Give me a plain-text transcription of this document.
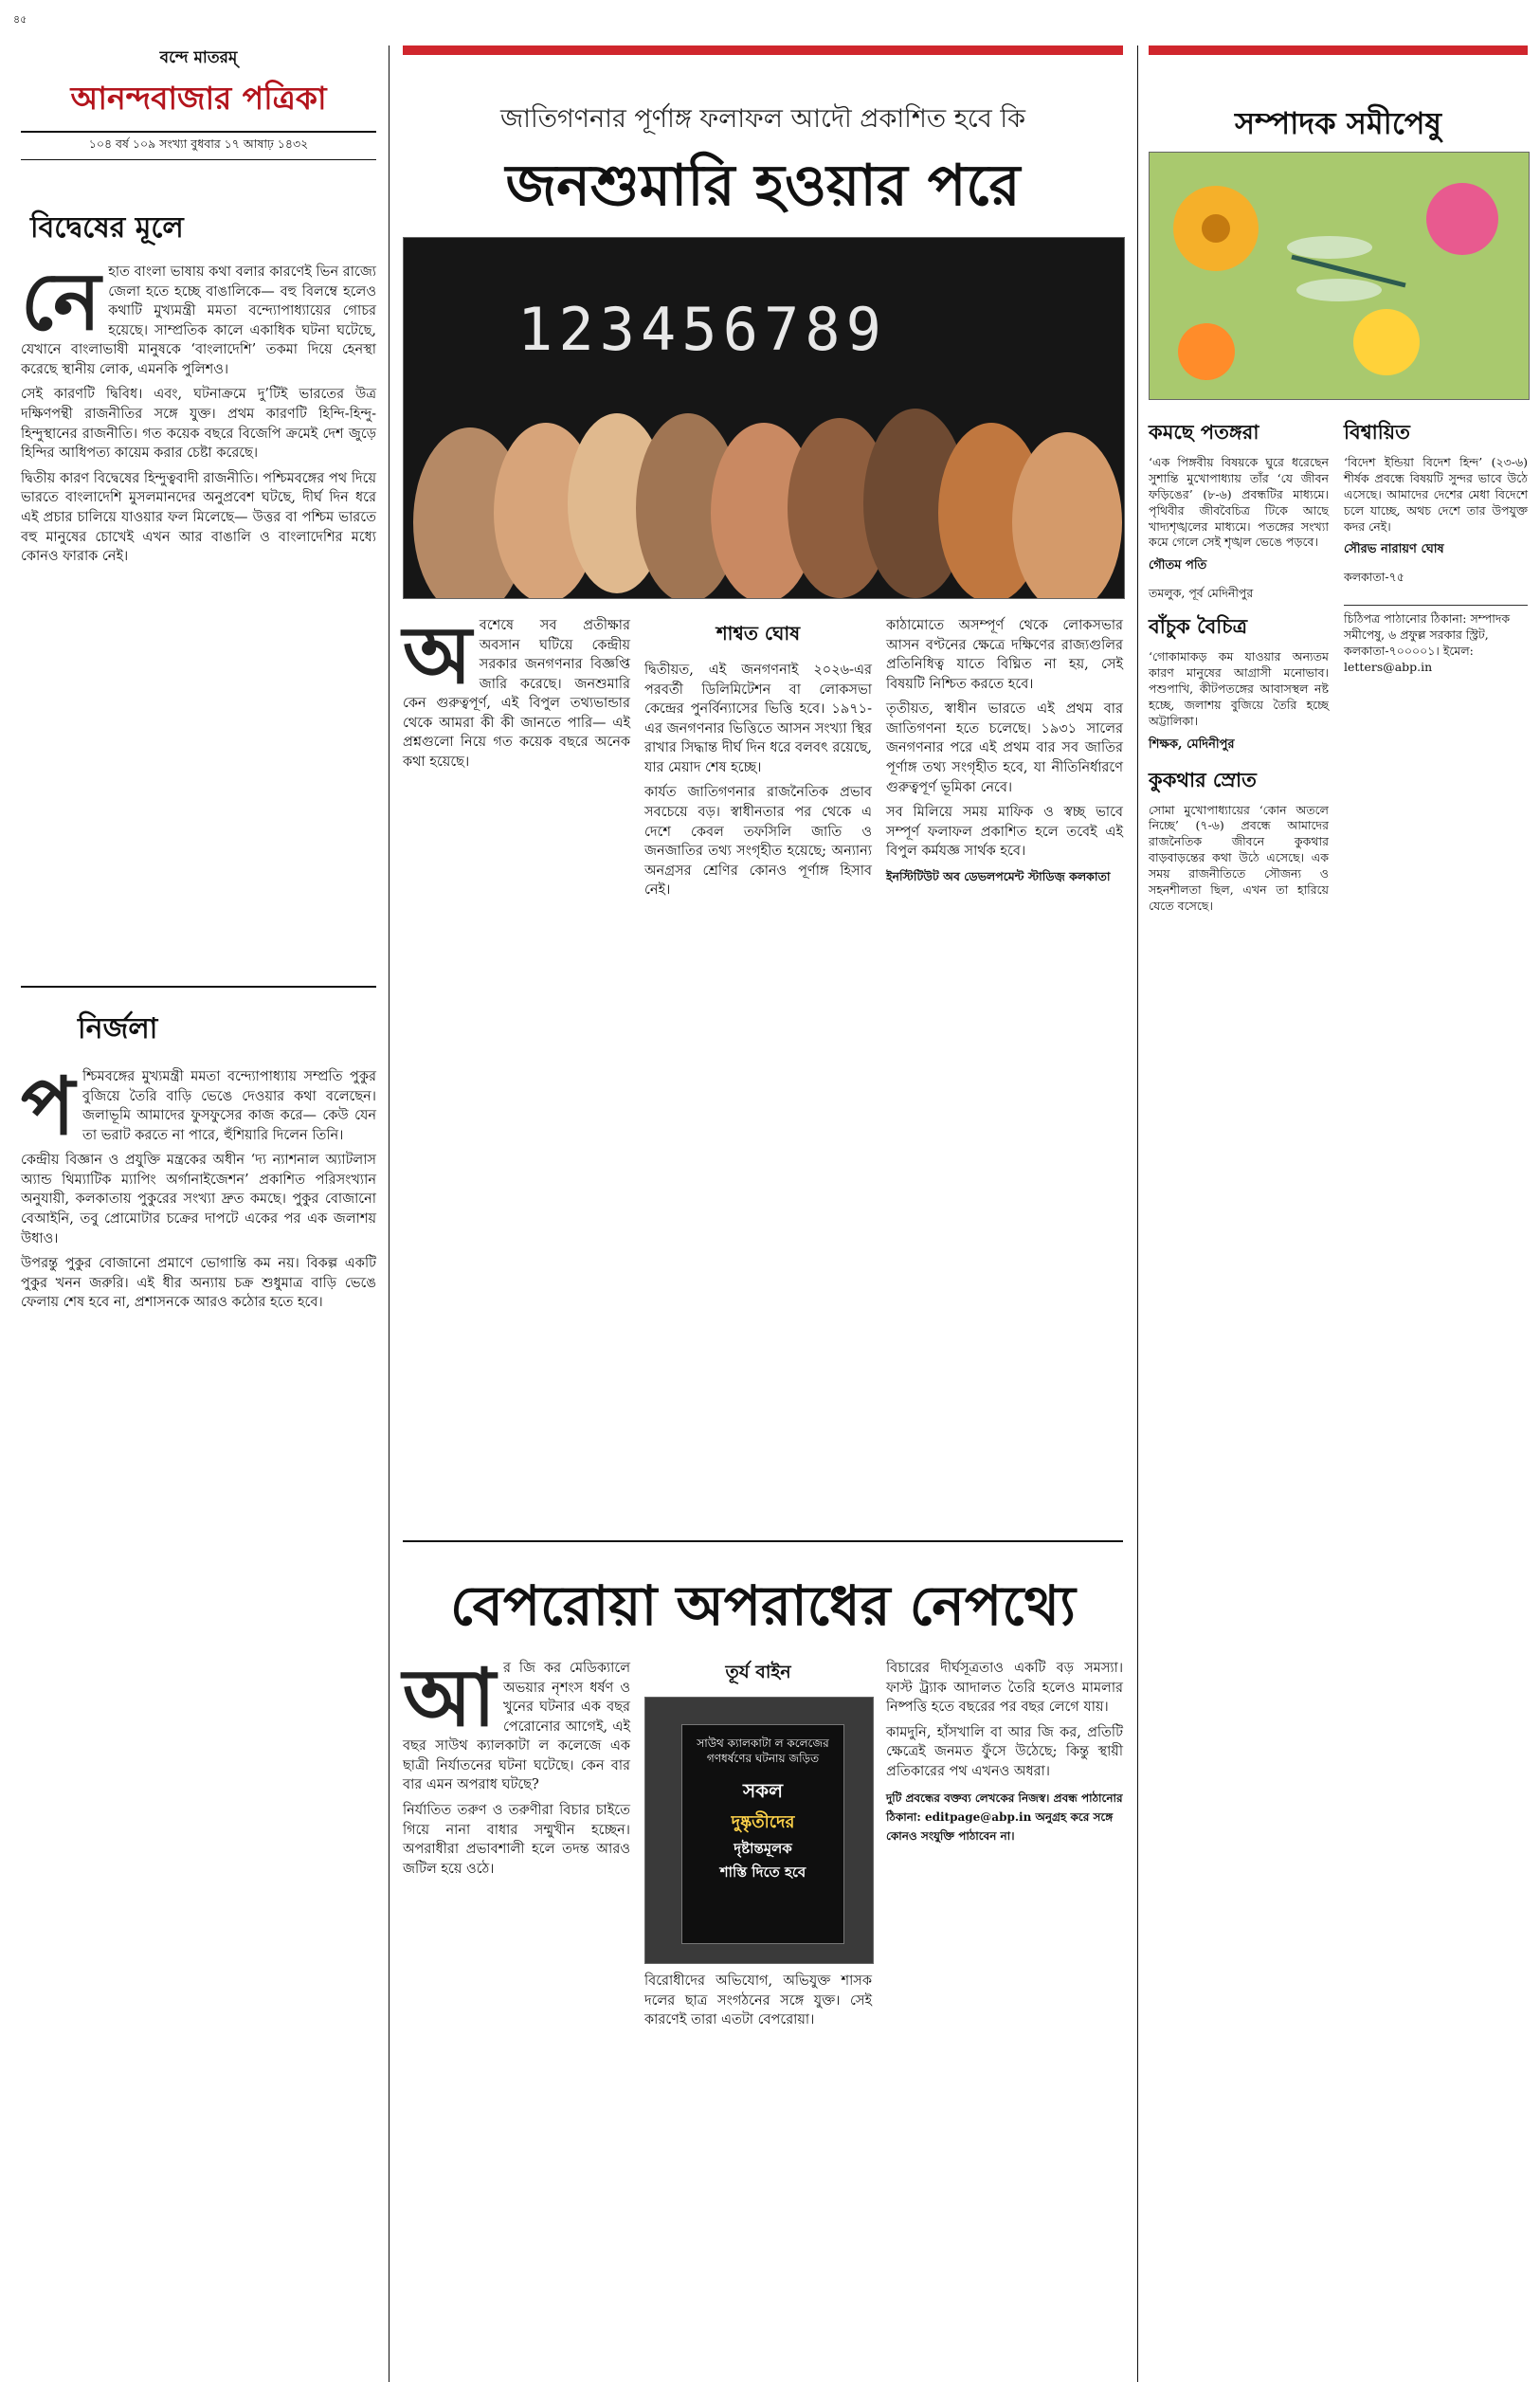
৪৫
বন্দে মাতরম্
আনন্দবাজার পত্রিকা
১০৪ বর্ষ ১০৯ সংখ্যা বুধবার ১৭ আষাঢ় ১৪৩২
বিদ্বেষের মূলে
নেহাত বাংলা ভাষায় কথা বলার কারণেই ভিন রাজ্যে জেলা হতে হচ্ছে বাঙালিকে— বহু বিলম্বে হলেও কথাটি মুখ্যমন্ত্রী মমতা বন্দ্যোপাধ্যায়ের গোচর হয়েছে। সাম্প্রতিক কালে একাধিক ঘটনা ঘটেছে, যেখানে বাংলাভাষী মানুষকে ‘বাংলাদেশি’ তকমা দিয়ে হেনস্থা করেছে স্থানীয় লোক, এমনকি পুলিশও।

সেই কারণটি দ্বিবিধ। এবং, ঘটনাক্রমে দু’টিই ভারতের উত্র দক্ষিণপন্থী রাজনীতির সঙ্গে যুক্ত। প্রথম কারণটি হিন্দি-হিন্দু-হিন্দুস্থানের রাজনীতি। গত কয়েক বছরে বিজেপি ক্রমেই দেশ জুড়ে হিন্দির আধিপত্য কায়েম করার চেষ্টা করেছে।

দ্বিতীয় কারণ বিদ্বেষের হিন্দুত্ববাদী রাজনীতি। পশ্চিমবঙ্গের পথ দিয়ে ভারতে বাংলাদেশি মুসলমানদের অনুপ্রবেশ ঘটছে, দীর্ঘ দিন ধরে এই প্রচার চালিয়ে যাওয়ার ফল মিলেছে— উত্তর বা পশ্চিম ভারতে বহু মানুষের চোখেই এখন আর বাঙালি ও বাংলাদেশির মধ্যে কোনও ফারাক নেই।

নির্জলা
পশ্চিমবঙ্গের মুখ্যমন্ত্রী মমতা বন্দ্যোপাধ্যায় সম্প্রতি পুকুর বুজিয়ে তৈরি বাড়ি ভেঙে দেওয়ার কথা বলেছেন। জলাভূমি আমাদের ফুসফুসের কাজ করে— কেউ যেন তা ভরাট করতে না পারে, হুঁশিয়ারি দিলেন তিনি।

কেন্দ্রীয় বিজ্ঞান ও প্রযুক্তি মন্ত্রকের অধীন ‘দ্য ন্যাশনাল অ্যাটলাস অ্যান্ড থিম্যাটিক ম্যাপিং অর্গানাইজেশন’ প্রকাশিত পরিসংখ্যান অনুযায়ী, কলকাতায় পুকুরের সংখ্যা দ্রুত কমছে। পুকুর বোজানো বেআইনি, তবু প্রোমোটার চক্রের দাপটে একের পর এক জলাশয় উধাও।

উপরন্তু পুকুর বোজানো প্রমাণে ভোগান্তি কম নয়। বিকল্প একটি পুকুর খনন জরুরি। এই ধীর অন্যায় চক্র শুধুমাত্র বাড়ি ভেঙে ফেলায় শেষ হবে না, প্রশাসনকে আরও কঠোর হতে হবে।

জাতিগণনার পূর্ণাঙ্গ ফলাফল আদৌ প্রকাশিত হবে কি
জনশুমারি হওয়ার পরে
123456789
অবশেষে সব প্রতীক্ষার অবসান ঘটিয়ে কেন্দ্রীয় সরকার জনগণনার বিজ্ঞপ্তি জারি করেছে। জনশুমারি কেন গুরুত্বপূর্ণ, এই বিপুল তথ্যভান্ডার থেকে আমরা কী কী জানতে পারি— এই প্রশ্নগুলো নিয়ে গত কয়েক বছরে অনেক কথা হয়েছে।
শাশ্বত ঘোষ

দ্বিতীয়ত, এই জনগণনাই ২০২৬-এর পরবর্তী ডিলিমিটেশন বা লোকসভা কেন্দ্রের পুনর্বিন্যাসের ভিত্তি হবে। ১৯৭১-এর জনগণনার ভিত্তিতে আসন সংখ্যা স্থির রাখার সিদ্ধান্ত দীর্ঘ দিন ধরে বলবৎ রয়েছে, যার মেয়াদ শেষ হচ্ছে।

কার্যত জাতিগণনার রাজনৈতিক প্রভাব সবচেয়ে বড়। স্বাধীনতার পর থেকে এ দেশে কেবল তফসিলি জাতি ও জনজাতির তথ্য সংগৃহীত হয়েছে; অন্যান্য অনগ্রসর শ্রেণির কোনও পূর্ণাঙ্গ হিসাব নেই।

কাঠামোতে অসম্পূর্ণ থেকে লোকসভার আসন বণ্টনের ক্ষেত্রে দক্ষিণের রাজ্যগুলির প্রতিনিধিত্ব যাতে বিঘ্নিত না হয়, সেই বিষয়টি নিশ্চিত করতে হবে।

তৃতীয়ত, স্বাধীন ভারতে এই প্রথম বার জাতিগণনা হতে চলেছে। ১৯৩১ সালের জনগণনার পরে এই প্রথম বার সব জাতির পূর্ণাঙ্গ তথ্য সংগৃহীত হবে, যা নীতিনির্ধারণে গুরুত্বপূর্ণ ভূমিকা নেবে।

সব মিলিয়ে সময় মাফিক ও স্বচ্ছ ভাবে সম্পূর্ণ ফলাফল প্রকাশিত হলে তবেই এই বিপুল কর্মযজ্ঞ সার্থক হবে।

ইনস্টিটিউট অব ডেভলপমেন্ট স্টাডিজ় কলকাতা
বেপরোয়া অপরাধের নেপথ্যে
আর জি কর মেডিক্যালে অভয়ার নৃশংস ধর্ষণ ও খুনের ঘটনার এক বছর পেরোনোর আগেই, এই বছর সাউথ ক্যালকাটা ল কলেজে এক ছাত্রী নির্যাতনের ঘটনা ঘটেছে। কেন বার বার এমন অপরাধ ঘটছে?

নির্যাতিত তরুণ ও তরুণীরা বিচার চাইতে গিয়ে নানা বাধার সম্মুখীন হচ্ছেন। অপরাধীরা প্রভাবশালী হলে তদন্ত আরও জটিল হয়ে ওঠে।

তূর্য বাইন
সাউথ ক্যালকাটা ল কলেজের গণধর্ষণের ঘটনায় জড়িত
সকল
দুষ্কৃতীদের
দৃষ্টান্তমূলক
শাস্তি দিতে হবে

বিরোধীদের অভিযোগ, অভিযুক্ত শাসক দলের ছাত্র সংগঠনের সঙ্গে যুক্ত। সেই কারণেই তারা এতটা বেপরোয়া।

বিচারের দীর্ঘসূত্রতাও একটি বড় সমস্যা। ফাস্ট ট্র্যাক আদালত তৈরি হলেও মামলার নিষ্পত্তি হতে বছরের পর বছর লেগে যায়।

কামদুনি, হাঁসখালি বা আর জি কর, প্রতিটি ক্ষেত্রেই জনমত ফুঁসে উঠেছে; কিন্তু স্থায়ী প্রতিকারের পথ এখনও অধরা।

দুটি প্রবন্ধের বক্তব্য লেখকের নিজস্ব। প্রবন্ধ পাঠানোর ঠিকানা: editpage@abp.in অনুগ্রহ করে সঙ্গে কোনও সংযুক্তি পাঠাবেন না।
সম্পাদক সমীপেষু
কমছে পতঙ্গরা

‘এক পিঙ্গবীয় বিষয়কে ঘুরে ধরেছেন সুশান্তি মুখোপাধ্যায় তাঁর ‘যে জীবন ফড়িঙের’ (৮-৬) প্রবন্ধটির মাধ্যমে। পৃথিবীর জীববৈচিত্র টিকে আছে খাদ্যশৃঙ্খলের মাধ্যমে। পতঙ্গের সংখ্যা কমে গেলে সেই শৃঙ্খল ভেঙে পড়বে।

গৌতম পতি
তমলুক, পূর্ব মেদিনীপুর
বাঁচুক বৈচিত্র

‘গোকামাকড় কম যাওয়ার অন্যতম কারণ মানুষের আগ্রাসী মনোভাব। পশুপাখি, কীটপতঙ্গের আবাসস্থল নষ্ট হচ্ছে, জলাশয় বুজিয়ে তৈরি হচ্ছে অট্টালিকা।

শিক্ষক, মেদিনীপুর
কুকথার স্রোত

সোমা মুখোপাধ্যায়ের ‘কোন অতলে নিচ্ছে’ (৭-৬) প্রবন্ধে আমাদের রাজনৈতিক জীবনে কুকথার বাড়বাড়ন্তের কথা উঠে এসেছে। এক সময় রাজনীতিতে সৌজন্য ও সহনশীলতা ছিল, এখন তা হারিয়ে যেতে বসেছে।

বিশ্বায়িত

‘বিদেশ ইন্ডিয়া বিদেশ হিন্দ’ (২৩-৬) শীর্ষক প্রবন্ধে বিষয়টি সুন্দর ভাবে উঠে এসেছে। আমাদের দেশের মেধা বিদেশে চলে যাচ্ছে, অথচ দেশে তার উপযুক্ত কদর নেই।

সৌরভ নারায়ণ ঘোষ
কলকাতা-৭৫
চিঠিপত্র পাঠানোর ঠিকানা: সম্পাদক সমীপেষু, ৬ প্রফুল্ল সরকার স্ট্রিট, কলকাতা-৭০০০০১। ইমেল: letters@abp.in
